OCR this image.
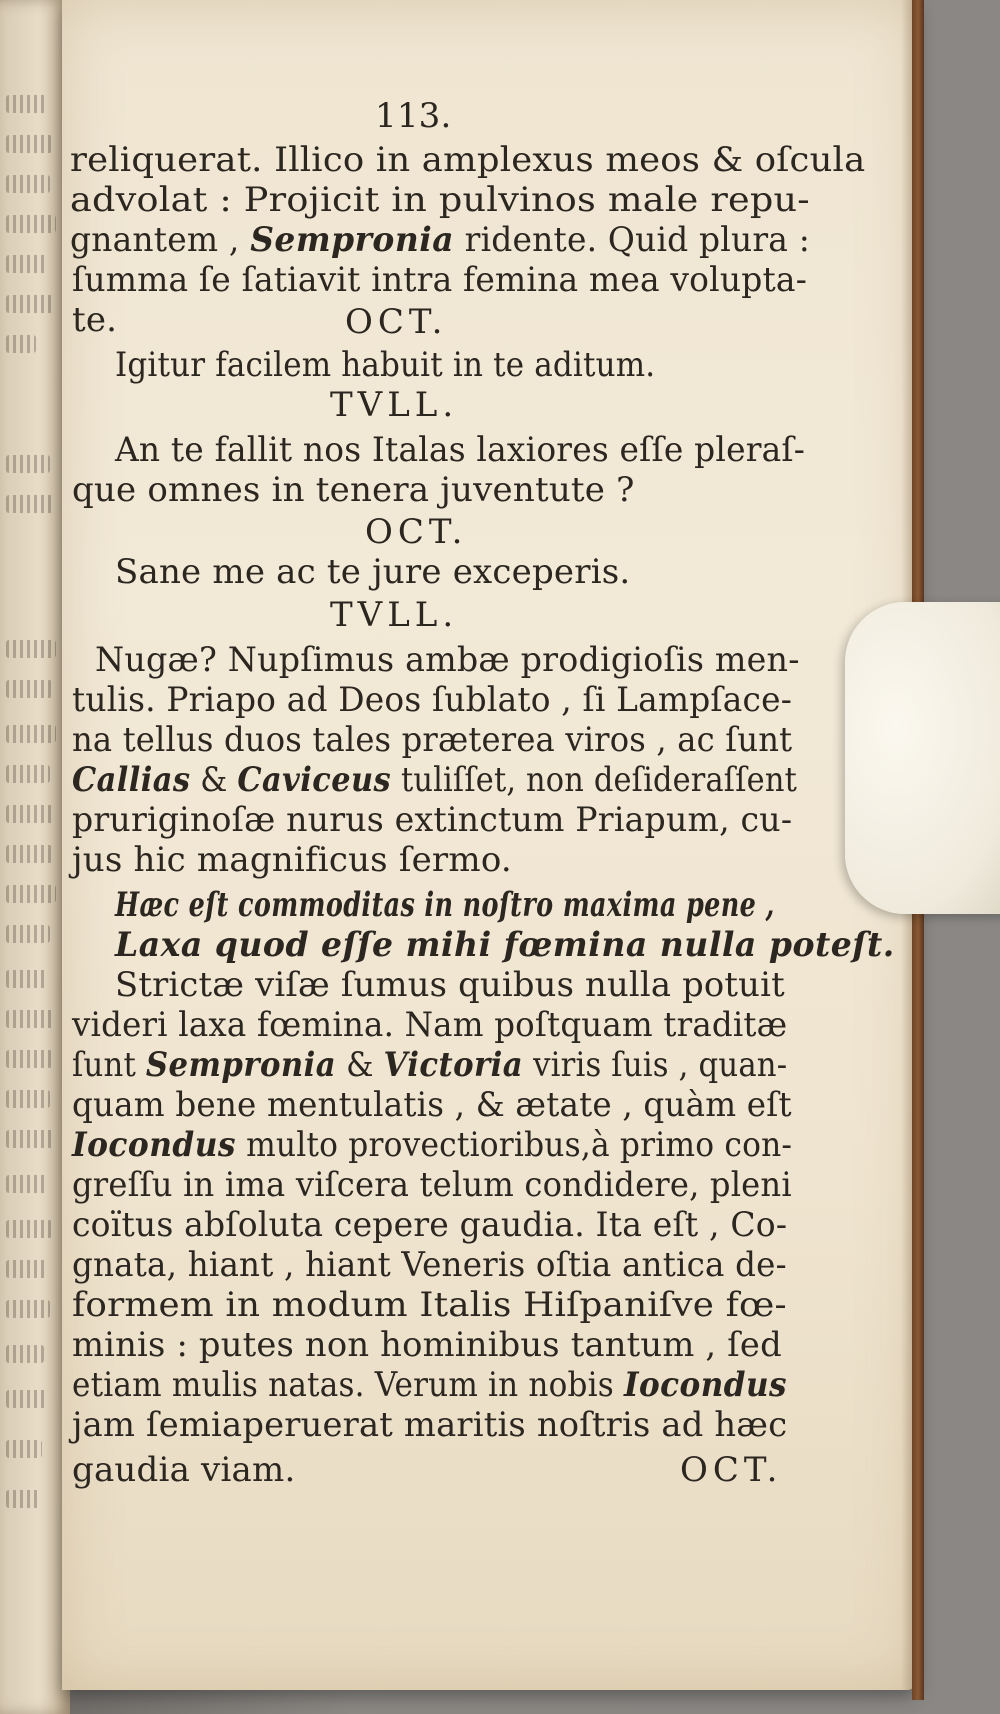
113.
reliquerat. Illico in amplexus meos & oſcula
advolat : Projicit in pulvinos male repu-
gnantem , Sempronia ridente. Quid plura :
ſumma ſe ſatiavit intra femina mea volupta-
te.	OCT.
Igitur facilem habuit in te aditum.
TVLL.
An te fallit nos Italas laxiores eſſe pleraſ-
que omnes in tenera juventute ?
OCT.
Sane me ac te jure exceperis.
TVLL.
Nugæ? Nupſimus ambæ prodigioſis men-
tulis. Priapo ad Deos ſublato , ſi Lampſace-
na tellus duos tales præterea viros , ac ſunt
Callias & Caviceus tuliſſet, non deſideraſſent
pruriginoſæ nurus extinctum Priapum, cu-
jus hic magnificus ſermo.
Hæc eſt commoditas in noſtro maxima pene ,
Laxa quod eſſe mihi fœmina nulla poteſt.
Strictæ viſæ ſumus quibus nulla potuit
videri laxa fœmina. Nam poſtquam traditæ
ſunt Sempronia & Victoria viris ſuis , quan-
quam bene mentulatis , & ætate , quàm eſt
Iocondus multo provectioribus,à primo con-
greſſu in ima viſcera telum condidere, pleni
coïtus abſoluta cepere gaudia. Ita eſt , Co-
gnata, hiant , hiant Veneris oſtia antica de-
formem in modum Italis Hiſpaniſve fœ-
minis : putes non hominibus tantum , ſed
etiam mulis natas. Verum in nobis Iocondus
jam ſemiaperuerat maritis noſtris ad hæc
gaudia viam.	OCT.
